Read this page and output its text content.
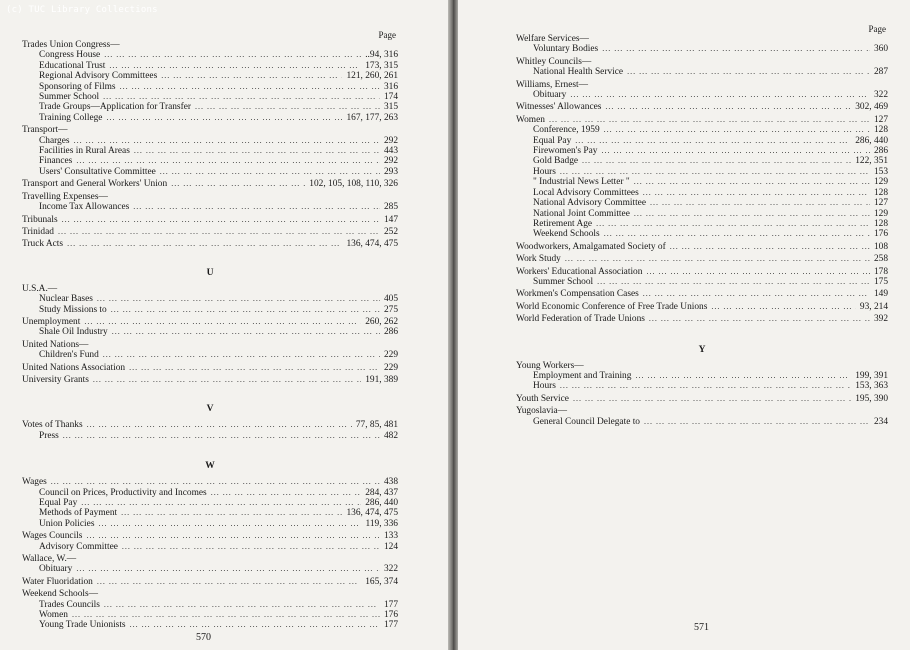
(c) TUC Library Collections
Page
Trades Union Congress—
Congress House ... .	..94, 316
Educational Trust ... .	173, 315
Regional Advisory Committees ... .	121, 260, 261
Sponsoring of Films ... .	316
Summer School ... .	174
Trade Groups—Application for Transfer ... .	315
Training College ... .	167, 177, 263
Transport—
Charges ... .	292
Facilities in Rural Areas ... .	443
Finances ... .	292
Users' Consultative Committee ... .	293
Transport and General Workers' Union ... .	102, 105, 108, 110, 326
Travelling Expenses—
Income Tax Allowances ... .	285
Tribunals ... .	147
Trinidad ... .	252
Truck Acts ... .	136, 474, 475
U
U.S.A.—
Nuclear Bases ... .	405
Study Missions to ... .	275
Unemployment ... .	260, 262
Shale Oil Industry ... .	286
United Nations—
Children's Fund ... .	229
United Nations Association ... .	229
University Grants ... .	191, 389
V
Votes of Thanks ... .	77, 85, 481
Press ... .	482
W
Wages ... .	438
Council on Prices, Productivity and Incomes ... .	284, 437
Equal Pay ... .	286, 440
Methods of Payment ... .	136, 474, 475
Union Policies ... .	119, 336
Wages Councils ... .	133
Advisory Committee ... .	124
Wallace, W.—
Obituary ... .	322
Water Fluoridation ... .	165, 374
Weekend Schools—
Trades Councils ... .	177
Women ... .	176
Young Trade Unionists ... .	177
570
Page
Welfare Services—
Voluntary Bodies ... .	360
Whitley Councils—
National Health Service ... .	287
Williams, Ernest—
Obituary ... .	322
Witnesses' Allowances ... .	302, 469
Women ... .	127
Conference, 1959 ... .	128
Equal Pay ... .	286, 440
Firewomen's Pay ... .	286
Gold Badge ... .	122, 351
Hours ... .	153
" Industrial News Letter " ... .	129
Local Advisory Committees ... .	128
National Advisory Committee ... .	127
National Joint Committee ... .	129
Retirement Age ... .	128
Weekend Schools ... .	176
Woodworkers, Amalgamated Society of ... .	108
Work Study ... .	258
Workers' Educational Association ... .	178
Summer School ... .	175
Workmen's Compensation Cases ... .	149
World Economic Conference of Free Trade Unions ... .	93, 214
World Federation of Trade Unions ... .	392
Y
Young Workers—
Employment and Training ... .	199, 391
Hours ... .	153, 363
Youth Service ... .	195, 390
Yugoslavia—
General Council Delegate to ... .	234
571
